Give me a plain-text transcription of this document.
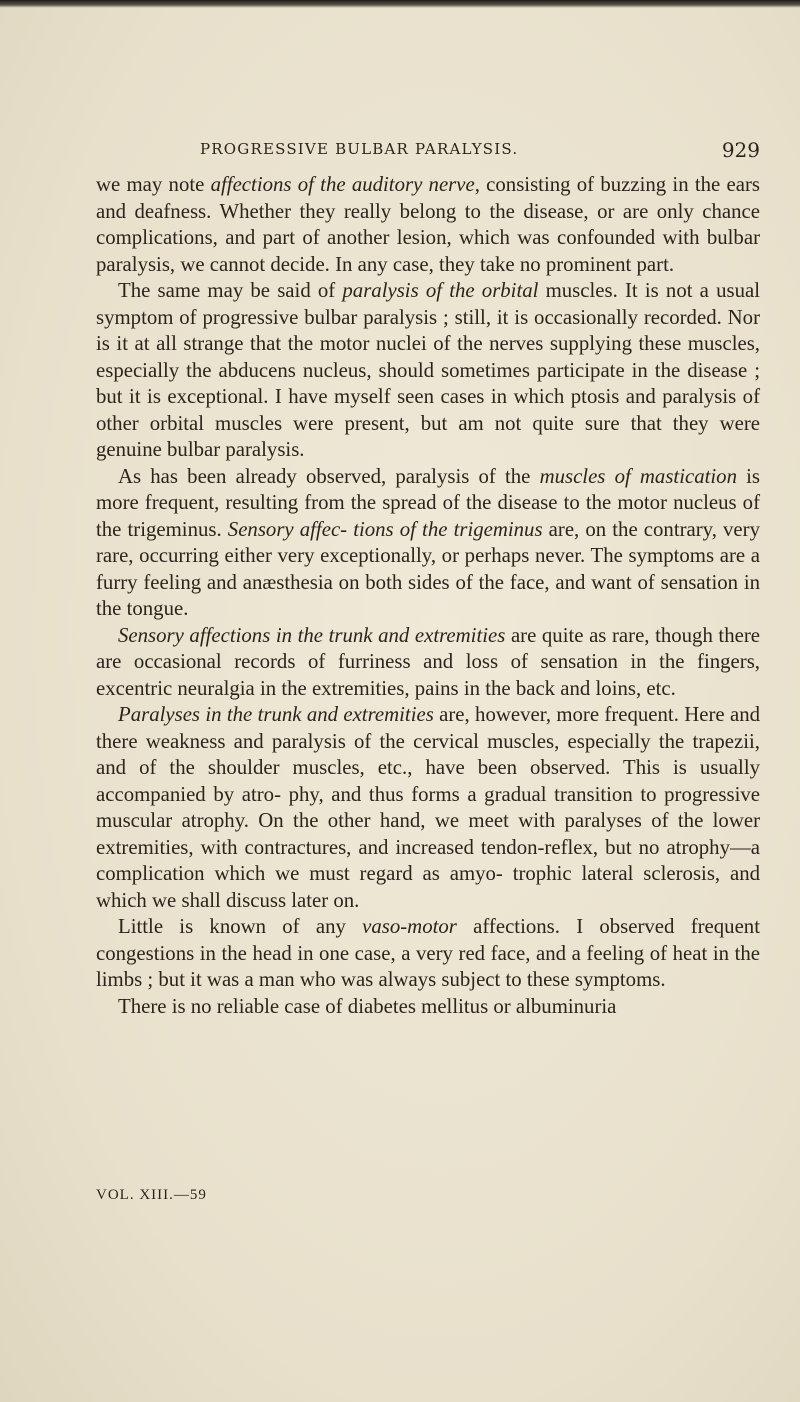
PROGRESSIVE BULBAR PARALYSIS.	929

we may note affections of the auditory nerve, consisting of buzzing in the ears and deafness. Whether they really belong to the disease, or are only chance complications, and part of another lesion, which was confounded with bulbar paralysis, we cannot decide. In any case, they take no prominent part.

The same may be said of paralysis of the orbital muscles. It is not a usual symptom of progressive bulbar paralysis ; still, it is occasionally recorded. Nor is it at all strange that the motor nuclei of the nerves supplying these muscles, especially the abducens nucleus, should sometimes participate in the disease ; but it is exceptional. I have myself seen cases in which ptosis and paralysis of other orbital muscles were present, but am not quite sure that they were genuine bulbar paralysis.

As has been already observed, paralysis of the muscles of mastication is more frequent, resulting from the spread of the disease to the motor nucleus of the trigeminus. Sensory affec- tions of the trigeminus are, on the contrary, very rare, occurring either very exceptionally, or perhaps never. The symptoms are a furry feeling and anæsthesia on both sides of the face, and want of sensation in the tongue.

Sensory affections in the trunk and extremities are quite as rare, though there are occasional records of furriness and loss of sensation in the fingers, excentric neuralgia in the extremities, pains in the back and loins, etc.

Paralyses in the trunk and extremities are, however, more frequent. Here and there weakness and paralysis of the cervical muscles, especially the trapezii, and of the shoulder muscles, etc., have been observed. This is usually accompanied by atro- phy, and thus forms a gradual transition to progressive muscular atrophy. On the other hand, we meet with paralyses of the lower extremities, with contractures, and increased tendon-reflex, but no atrophy—a complication which we must regard as amyo- trophic lateral sclerosis, and which we shall discuss later on.

Little is known of any vaso-motor affections. I observed frequent congestions in the head in one case, a very red face, and a feeling of heat in the limbs ; but it was a man who was always subject to these symptoms.

There is no reliable case of diabetes mellitus or albuminuria

VOL. XIII.—59
